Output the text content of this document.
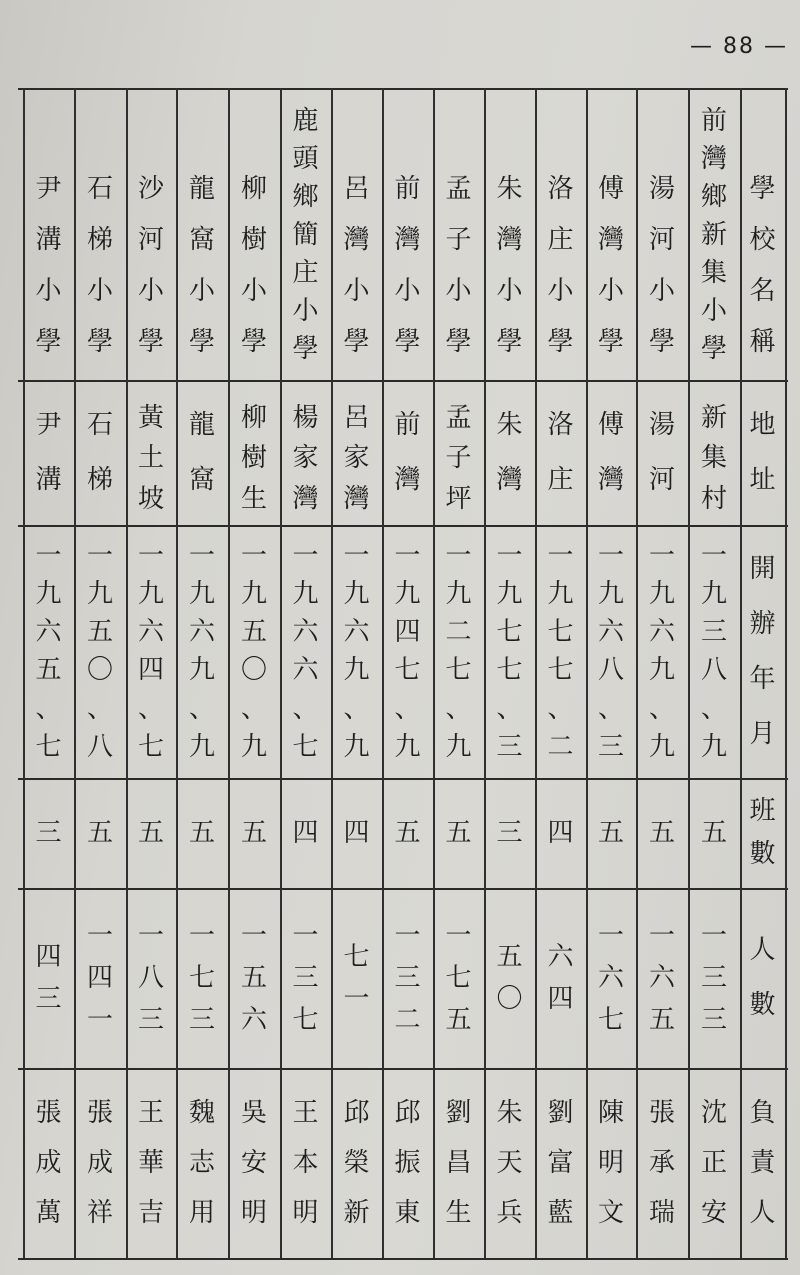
— 88 —
學
校
名
稱
地
址
開
辦
年
月
班
數
人
數
負
責
人
前
灣
鄉
新
集
小
學
新
集
村
一
九
三
八
、
九
五
一
三
三
沈
正
安
湯
河
小
學
湯
河
一
九
六
九
、
九
五
一
六
五
張
承
瑞
傅
灣
小
學
傅
灣
一
九
六
八
、
三
五
一
六
七
陳
明
文
洛
庄
小
學
洛
庄
一
九
七
七
、
二
四
六
四
劉
富
藍
朱
灣
小
學
朱
灣
一
九
七
七
、
三
三
五
〇
朱
天
兵
孟
子
小
學
孟
子
坪
一
九
二
七
、
九
五
一
七
五
劉
昌
生
前
灣
小
學
前
灣
一
九
四
七
、
九
五
一
三
二
邱
振
東
呂
灣
小
學
呂
家
灣
一
九
六
九
、
九
四
七
一
邱
榮
新
鹿
頭
鄉
簡
庄
小
學
楊
家
灣
一
九
六
六
、
七
四
一
三
七
王
本
明
柳
樹
小
學
柳
樹
生
一
九
五
〇
、
九
五
一
五
六
吳
安
明
龍
窩
小
學
龍
窩
一
九
六
九
、
九
五
一
七
三
魏
志
用
沙
河
小
學
黃
土
坡
一
九
六
四
、
七
五
一
八
三
王
華
吉
石
梯
小
學
石
梯
一
九
五
〇
、
八
五
一
四
一
張
成
祥
尹
溝
小
學
尹
溝
一
九
六
五
、
七
三
四
三
張
成
萬
